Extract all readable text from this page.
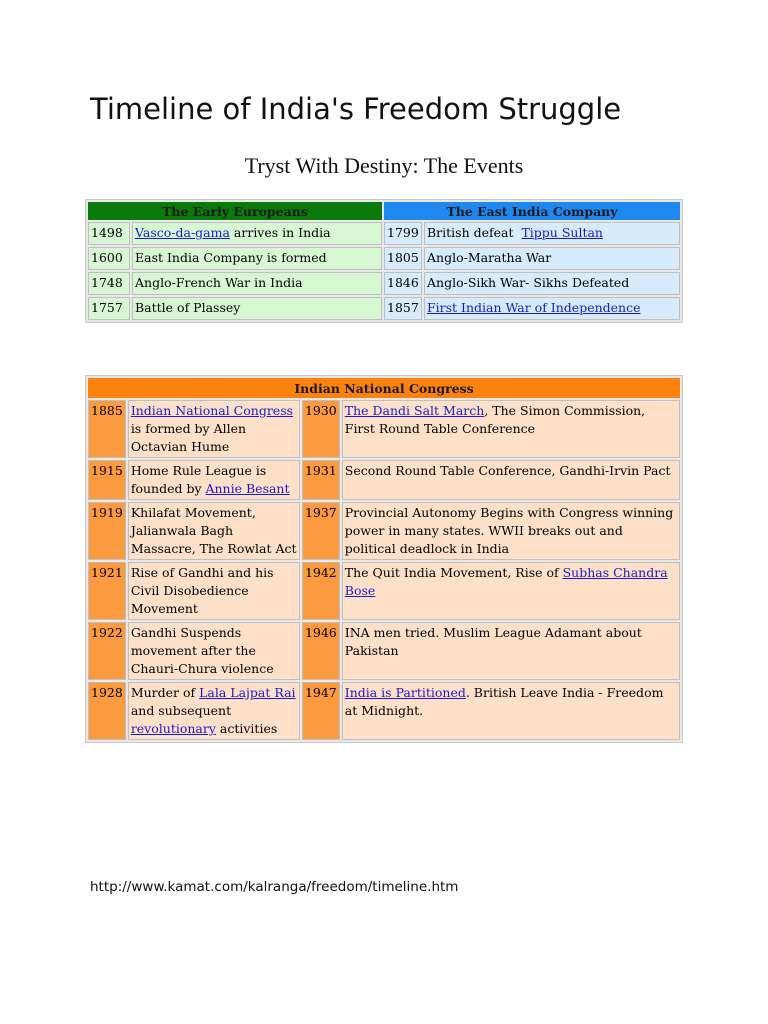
Timeline of India's Freedom Struggle
Tryst With Destiny: The Events
The Early Europeans		The East India Company	
1498	Vasco-da-gama arrives in India	1799	British defeat  Tippu Sultan
1600	East India Company is formed	1805	Anglo-Maratha War
1748	Anglo-French War in India	1846	Anglo-Sikh War- Sikhs Defeated
1757	Battle of Plassey	1857	First Indian War of Independence
Indian National Congress			
1885	Indian National Congress is formed by Allen Octavian Hume	1930	The Dandi Salt March, The Simon Commission, First Round Table Conference
1915	Home Rule League is founded by Annie Besant	1931	Second Round Table Conference, Gandhi-Irvin Pact
1919	Khilafat Movement, Jalianwala Bagh Massacre, The Rowlat Act	1937	Provincial Autonomy Begins with Congress winning power in many states. WWII breaks out and political deadlock in India
1921	Rise of Gandhi and his Civil Disobedience Movement	1942	The Quit India Movement, Rise of Subhas Chandra Bose
1922	Gandhi Suspends movement after the Chauri-Chura violence	1946	INA men tried. Muslim League Adamant about Pakistan
1928	Murder of Lala Lajpat Rai and subsequent revolutionary activities	1947	India is Partitioned. British Leave India - Freedom at Midnight.
http://www.kamat.com/kalranga/freedom/timeline.htm
